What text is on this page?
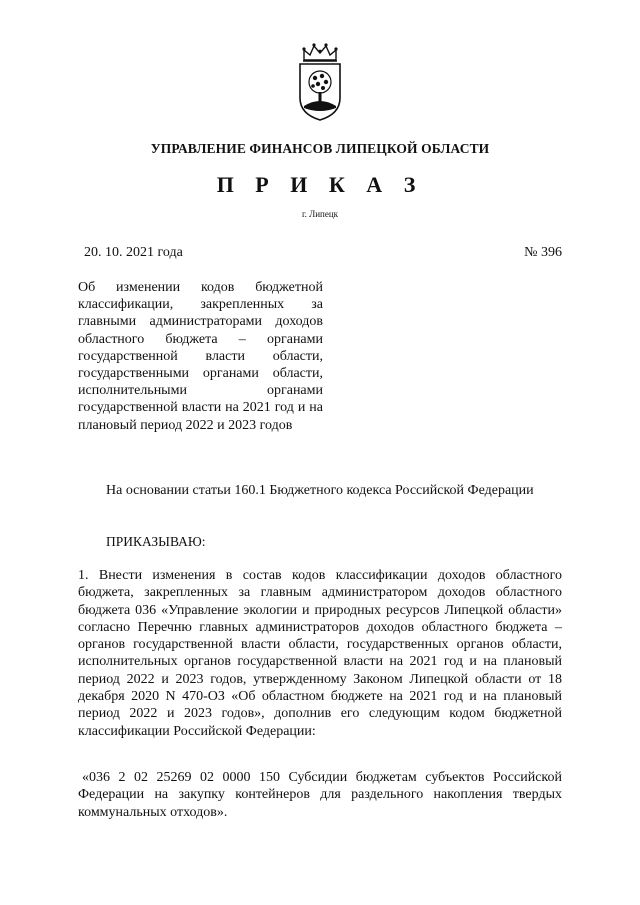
УПРАВЛЕНИЕ ФИНАНСОВ ЛИПЕЦКОЙ ОБЛАСТИ
П Р И К А З
г. Липецк
20. 10. 2021 года	№ 396
Об изменении кодов бюджетной классификации, закрепленных за главными администраторами доходов областного бюджета – органами государственной власти области, государственными органами области, исполнительными органами государственной власти на 2021 год и на плановый период 2022 и 2023 годов
На основании статьи 160.1 Бюджетного кодекса Российской Федерации
ПРИКАЗЫВАЮ:
1. Внести изменения в состав кодов классификации доходов областного бюджета, закрепленных за главным администратором доходов областного бюджета 036 «Управление экологии и природных ресурсов Липецкой области» согласно Перечню главных администраторов доходов областного бюджета – органов государственной власти области, государственных органов области, исполнительных органов государственной власти на 2021 год и на плановый период 2022 и 2023 годов, утвержденному Законом Липецкой области от 18 декабря 2020 N 470-ОЗ «Об областном бюджете на 2021 год и на плановый период 2022 и 2023 годов», дополнив его следующим кодом бюджетной классификации Российской Федерации:
«036 2 02 25269 02 0000 150 Субсидии бюджетам субъектов Российской Федерации на закупку контейнеров для раздельного накопления твердых коммунальных отходов».
